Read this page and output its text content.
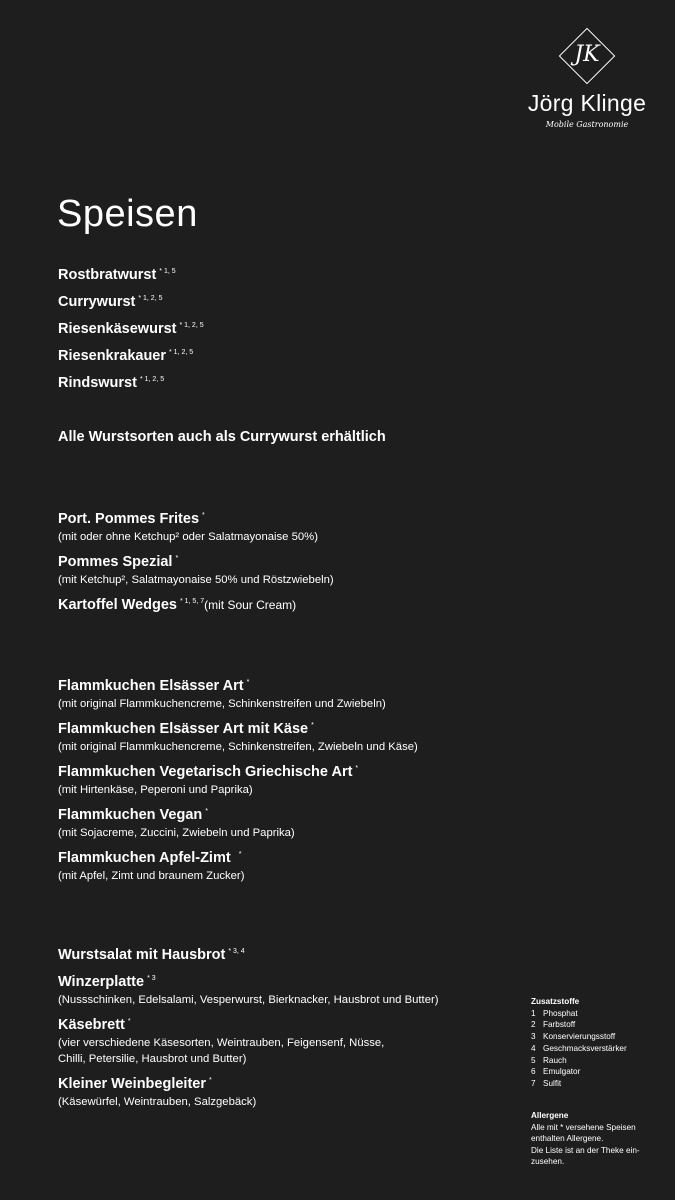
JK
Jörg Klinge
Mobile Gastronomie
Speisen
Rostbratwurst $^{* 1, 5}$
Currywurst $^{* 1, 2, 5}$
Riesenkäsewurst $^{* 1, 2, 5}$
Riesenkrakauer $^{* 1, 2, 5}$
Rindswurst $^{* 1, 2, 5}$
Alle Wurstsorten auch als Currywurst erhältlich
Port. Pommes Frites *
(mit oder ohne Ketchup² oder Salatmayonaise 50%)
Pommes Spezial *
(mit Ketchup², Salatmayonaise 50% und Röstzwiebeln)
Kartoffel Wedges $^{* 1, 5, 7}$(mit Sour Cream)
Flammkuchen Elsässer Art *
(mit original Flammkuchencreme, Schinkenstreifen und Zwiebeln)
Flammkuchen Elsässer Art mit Käse *
(mit original Flammkuchencreme, Schinkenstreifen, Zwiebeln und Käse)
Flammkuchen Vegetarisch Griechische Art *
(mit Hirtenkäse, Peperoni und Paprika)
Flammkuchen Vegan *
(mit Sojacreme, Zuccini, Zwiebeln und Paprika)
Flammkuchen Apfel-Zimt *
(mit Apfel, Zimt und braunem Zucker)
Wurstsalat mit Hausbrot $^{* 3, 4}$
Winzerplatte $^{* 3}$
(Nussschinken, Edelsalami, Vesperwurst, Bierknacker, Hausbrot und Butter)
Käsebrett *
(vier verschiedene Käsesorten, Weintrauben, Feigensenf, Nüsse,
Chilli, Petersilie, Hausbrot und Butter)
Kleiner Weinbegleiter *
(Käsewürfel, Weintrauben, Salzgebäck)
Zusatzstoffe
1 Phosphat
2 Farbstoff
3 Konservierungsstoff
4 Geschmacksverstärker
5 Rauch
6 Emulgator
7 Sulfit
Allergene
Alle mit * versehene Speisen
enthalten Allergene.
Die Liste ist an der Theke ein-
zusehen.
